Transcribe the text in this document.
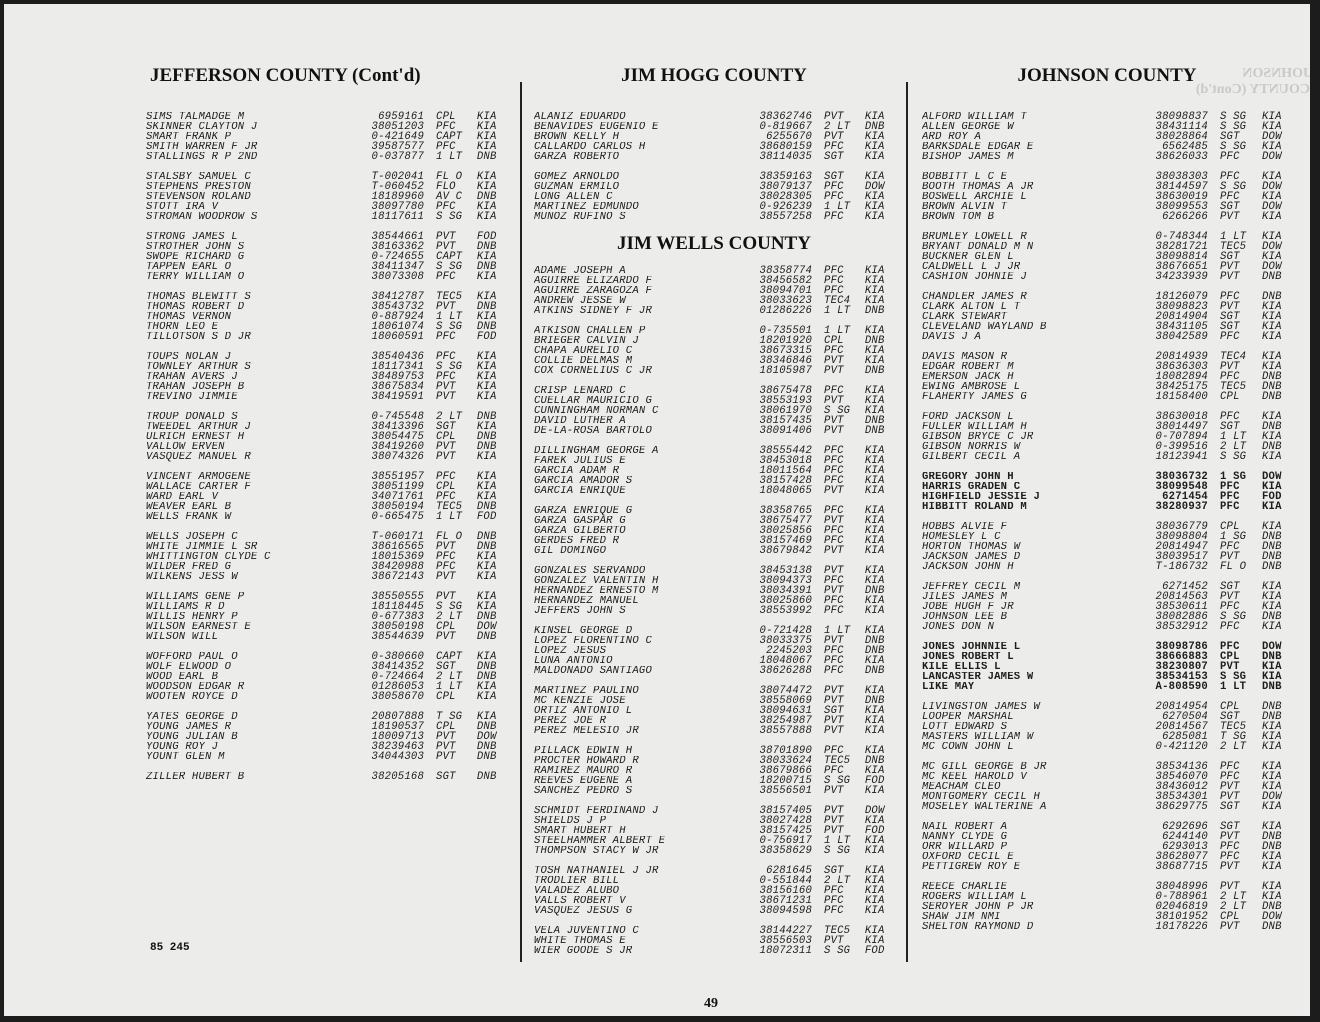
JOHNSON COUNTY (Cont'd)
JEFFERSON COUNTY (Cont'd)
SIMS TALMADGE M	6959161	CPL	KIA
SKINNER CLAYTON J	38051203	PFC	KIA
SMART FRANK P	0-421649	CAPT	KIA
SMITH WARREN F JR	39587577	PFC	KIA
STALLINGS R P 2ND	0-037877	1 LT	DNB
STALSBY SAMUEL C	T-002041	FL O	KIA
STEPHENS PRESTON	T-060452	FLO	KIA
STEVENSON ROLAND	18189960	AV C	DNB
STOTT IRA V	38097780	PFC	KIA
STROMAN WOODROW S	18117611	S SG	KIA
STRONG JAMES L	38544661	PVT	FOD
STROTHER JOHN S	38163362	PVT	DNB
SWOPE RICHARD G	0-724655	CAPT	KIA
TAPPEN EARL O	38411347	S SG	DNB
TERRY WILLIAM O	38073308	PFC	KIA
THOMAS BLEWITT S	38412787	TEC5	KIA
THOMAS ROBERT D	38543732	PVT	DNB
THOMAS VERNON	0-887924	1 LT	KIA
THORN LEO E	18061074	S SG	DNB
TILLOTSON S D JR	18060591	PFC	FOD
TOUPS NOLAN J	38540436	PFC	KIA
TOWNLEY ARTHUR S	18117341	S SG	KIA
TRAHAN AVERS J	38489753	PFC	KIA
TRAHAN JOSEPH B	38675834	PVT	KIA
TREVINO JIMMIE	38419591	PVT	KIA
TROUP DONALD S	0-745548	2 LT	DNB
TWEEDEL ARTHUR J	38413396	SGT	KIA
ULRICH ERNEST H	38054475	CPL	DNB
VALLOW ERVEN	38419260	PVT	DNB
VASQUEZ MANUEL R	38074326	PVT	KIA
VINCENT ARMOGENE	38551957	PFC	KIA
WALLACE CARTER F	38051199	CPL	KIA
WARD EARL V	34071761	PFC	KIA
WEAVER EARL B	38050194	TEC5	DNB
WELLS FRANK W	0-665475	1 LT	FOD
WELLS JOSEPH C	T-060171	FL O	DNB
WHITE JIMMIE L SR	38616565	PVT	DNB
WHITTINGTON CLYDE C	18015369	PFC	KIA
WILDER FRED G	38420988	PFC	KIA
WILKENS JESS W	38672143	PVT	KIA
WILLIAMS GENE P	38550555	PVT	KIA
WILLIAMS R D	18118445	S SG	KIA
WILLIS HENRY P	0-677383	2 LT	DNB
WILSON EARNEST E	38050198	CPL	DOW
WILSON WILL	38544639	PVT	DNB
WOFFORD PAUL O	0-380660	CAPT	KIA
WOLF ELWOOD O	38414352	SGT	DNB
WOOD EARL B	0-724664	2 LT	DNB
WOODSON EDGAR R	01286053	1 LT	KIA
WOOTEN ROYCE D	38058670	CPL	KIA
YATES GEORGE D	20807888	T SG	KIA
YOUNG JAMES R	18190537	CPL	DNB
YOUNG JULIAN B	18009713	PVT	DOW
YOUNG ROY J	38239463	PVT	DNB
YOUNT GLEN M	34044303	PVT	DNB
ZILLER HUBERT B	38205168	SGT	DNB
JIM HOGG COUNTY
ALANIZ EDUARDO	38362746	PVT	KIA
BENAVIDES EUGENIO E	0-819667	2 LT	DNB
BROWN KELLY H	6255670	PVT	KIA
CALLARDO CARLOS H	38680159	PFC	KIA
GARZA ROBERTO	38114035	SGT	KIA
GOMEZ ARNOLDO	38359163	SGT	KIA
GUZMAN ERMILO	38079137	PFC	DOW
LONG ALLEN C	38028305	PFC	KIA
MARTINEZ EDMUNDO	0-926239	1 LT	KIA
MUNOZ RUFINO S	38557258	PFC	KIA
JIM WELLS COUNTY
ADAME JOSEPH A	38358774	PFC	KIA
AGUIRRE ELIZARDO F	38456582	PFC	KIA
AGUIRRE ZARAGOZA F	38094701	PFC	KIA
ANDREW JESSE W	38033623	TEC4	KIA
ATKINS SIDNEY F JR	01286226	1 LT	DNB
ATKISON CHALLEN P	0-735501	1 LT	KIA
BRIEGER CALVIN J	18201920	CPL	DNB
CHAPA AURELIO C	38673315	PFC	KIA
COLLIE DELMAS M	38346846	PVT	KIA
COX CORNELIUS C JR	18105987	PVT	DNB
CRISP LENARD C	38675478	PFC	KIA
CUELLAR MAURICIO G	38553193	PVT	KIA
CUNNINGHAM NORMAN C	38061970	S SG	KIA
DAVID LUTHER A	38157435	PVT	DNB
DE-LA-ROSA BARTOLO	38091406	PVT	DNB
DILLINGHAM GEORGE A	38555442	PFC	KIA
FAREK JULIUS E	38453018	PFC	KIA
GARCIA ADAM R	18011564	PFC	KIA
GARCIA AMADOR S	38157428	PFC	KIA
GARCIA ENRIQUE	18048065	PVT	KIA
GARZA ENRIQUE G	38358765	PFC	KIA
GARZA GASPAR G	38675477	PVT	KIA
GARZA GILBERTO	38025856	PFC	KIA
GERDES FRED R	38157469	PFC	KIA
GIL DOMINGO	38679842	PVT	KIA
GONZALES SERVANDO	38453138	PVT	KIA
GONZALEZ VALENTIN H	38094373	PFC	KIA
HERNANDEZ ERNESTO M	38034391	PVT	DNB
HERNANDEZ MANUEL	38025860	PFC	KIA
JEFFERS JOHN S	38553992	PFC	KIA
KINSEL GEORGE D	0-721428	1 LT	KIA
LOPEZ FLORENTINO C	38033375	PVT	DNB
LOPEZ JESUS	2245203	PFC	DNB
LUNA ANTONIO	18048067	PFC	KIA
MALDONADO SANTIAGO	38626288	PFC	DNB
MARTINEZ PAULINO	38074472	PVT	KIA
MC KENZIE JOSE	38558069	PVT	DNB
ORTIZ ANTONIO L	38094631	SGT	KIA
PEREZ JOE R	38254987	PVT	KIA
PEREZ MELESIO JR	38557888	PVT	KIA
PILLACK EDWIN H	38701890	PFC	KIA
PROCTER HOWARD R	38033624	TEC5	DNB
RAMIREZ MAURO R	38679866	PFC	KIA
REEVES EUGENE A	18200715	S SG	FOD
SANCHEZ PEDRO S	38556501	PVT	KIA
SCHMIDT FERDINAND J	38157405	PVT	DOW
SHIELDS J P	38027428	PVT	KIA
SMART HUBERT H	38157425	PVT	FOD
STEELHAMMER ALBERT E	0-756917	1 LT	KIA
THOMPSON STACY W JR	38358629	S SG	KIA
TOSH NATHANIEL J JR	6281645	SGT	KIA
TRODLIER BILL	0-551844	2 LT	KIA
VALADEZ ALUBO	38156160	PFC	KIA
VALLS ROBERT V	38671231	PFC	KIA
VASQUEZ JESUS G	38094598	PFC	KIA
VELA JUVENTINO C	38144227	TEC5	KIA
WHITE THOMAS E	38556503	PVT	KIA
WIER GOODE S JR	18072311	S SG	FOD
JOHNSON COUNTY
ALFORD WILLIAM T	38098837	S SG	KIA
ALLEN GEORGE W	38431114	S SG	KIA
ARD ROY A	38028864	SGT	DOW
BARKSDALE EDGAR E	6562485	S SG	KIA
BISHOP JAMES M	38626033	PFC	DOW
BOBBITT L C E	38038303	PFC	KIA
BOOTH THOMAS A JR	38144597	S SG	DOW
BOSWELL ARCHIE L	38630019	PFC	KIA
BROWN ALVIN T	38099553	SGT	DOW
BROWN TOM B	6266266	PVT	KIA
BRUMLEY LOWELL R	0-748344	1 LT	KIA
BRYANT DONALD M N	38281721	TEC5	DOW
BUCKNER GLEN L	38098814	SGT	KIA
CALDWELL L J JR	38676651	PVT	DOW
CASHION JOHNIE J	34233939	PVT	DNB
CHANDLER JAMES R	18126079	PFC	DNB
CLARK ALTON L T	38098823	PVT	KIA
CLARK STEWART	20814904	SGT	KIA
CLEVELAND WAYLAND B	38431105	SGT	KIA
DAVIS J A	38042589	PFC	KIA
DAVIS MASON R	20814939	TEC4	KIA
EDGAR ROBERT M	38636303	PVT	KIA
EMERSON JACK H	18082894	PFC	DNB
EWING AMBROSE L	38425175	TEC5	DNB
FLAHERTY JAMES G	18158400	CPL	DNB
FORD JACKSON L	38630018	PFC	KIA
FULLER WILLIAM H	38014497	SGT	DNB
GIBSON BRYCE C JR	0-707894	1 LT	KIA
GIBSON NORRIS W	0-399516	2 LT	DNB
GILBERT CECIL A	18123941	S SG	KIA
GREGORY JOHN H	38036732	1 SG	DOW
HARRIS GRADEN C	38099548	PFC	KIA
HIGHFIELD JESSIE J	6271454	PFC	FOD
HIBBITT ROLAND M	38280937	PFC	KIA
HOBBS ALVIE F	38036779	CPL	KIA
HOMESLEY L C	38098804	1 SG	DNB
HORTON THOMAS W	20814947	PFC	DNB
JACKSON JAMES D	38039517	PVT	DNB
JACKSON JOHN H	T-186732	FL O	DNB
JEFFREY CECIL M	6271452	SGT	KIA
JILES JAMES M	20814563	PVT	KIA
JOBE HUGH F JR	38530611	PFC	KIA
JOHNSON LEE B	38082886	S SG	DNB
JONES DON N	38532912	PFC	KIA
JONES JOHNNIE L	38098786	PFC	DOW
JONES ROBERT L	38666883	CPL	DNB
KILE ELLIS L	38230807	PVT	KIA
LANCASTER JAMES W	38534153	S SG	KIA
LIKE MAY	A-808590	1 LT	DNB
LIVINGSTON JAMES W	20814954	CPL	DNB
LOOPER MARSHAL	6270504	SGT	DNB
LOTT EDWARD S	20814567	TEC5	KIA
MASTERS WILLIAM W	6285081	T SG	KIA
MC COWN JOHN L	0-421120	2 LT	KIA
MC GILL GEORGE B JR	38534136	PFC	KIA
MC KEEL HAROLD V	38546070	PFC	KIA
MEACHAM CLEO	38436012	PVT	KIA
MONTGOMERY CECIL H	38534301	PVT	DOW
MOSELEY WALTERINE A	38629775	SGT	KIA
NAIL ROBERT A	6292696	SGT	KIA
NANNY CLYDE G	6244140	PVT	DNB
ORR WILLARD P	6293013	PFC	DNB
OXFORD CECIL E	38628077	PFC	KIA
PETTIGREW ROY E	38687715	PVT	KIA
REECE CHARLIE	38048996	PVT	KIA
ROGERS WILLIAM L	0-788961	2 LT	KIA
SEROYER JOHN P JR	02046819	2 LT	DNB
SHAW JIM NMI	38101952	CPL	DOW
SHELTON RAYMOND D	18178226	PVT	DNB
85 245
49
